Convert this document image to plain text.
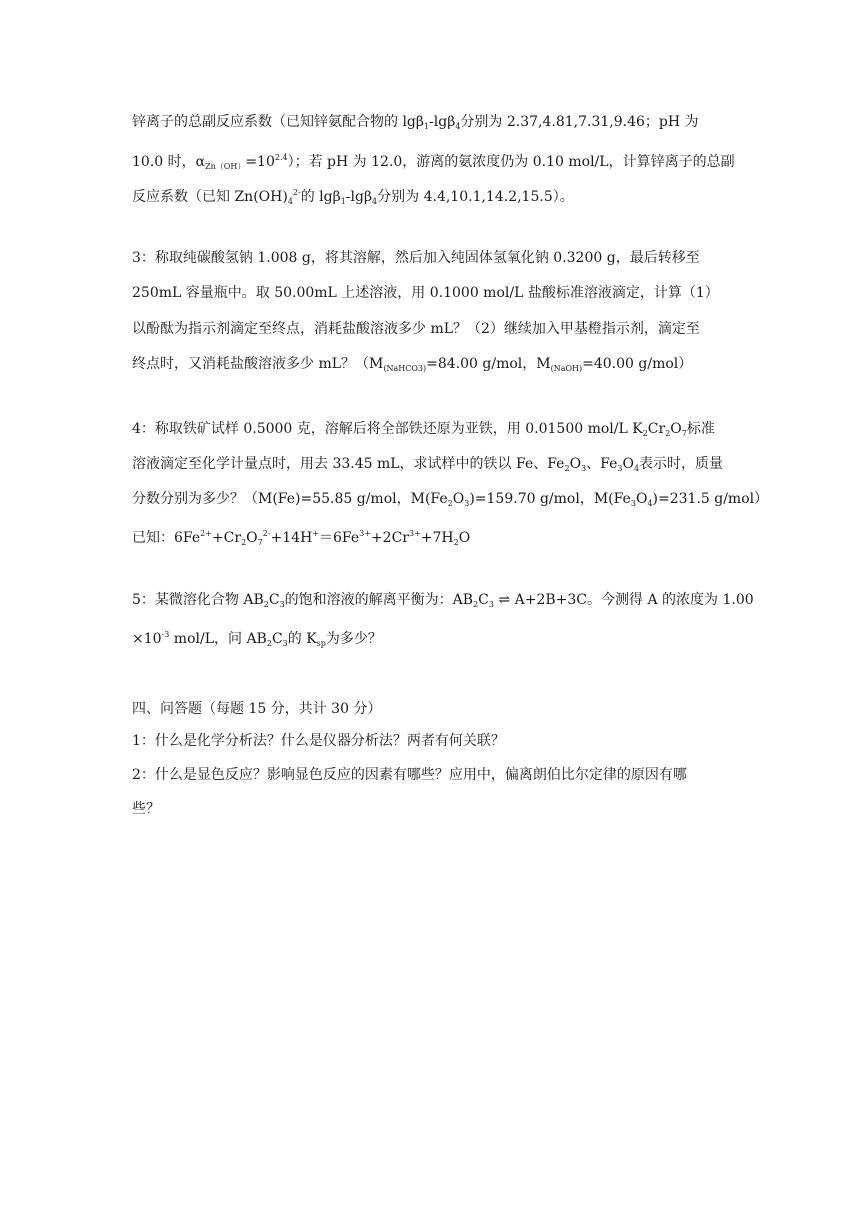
锌离子的总副反应系数（已知锌氨配合物的 lgβ$_1$-lgβ$_4$分别为 2.37,4.81,7.31,9.46；pH 为
10.0 时，$\alpha_{Zn(OH)}=10^{2.4}$）；若 pH 为 12.0，游离的氨浓度仍为 0.10 mol/L，计算锌离子的总副
反应系数（已知 $Zn(OH)_4^{2-}$的 lgβ$_1$-lgβ$_4$分别为 4.4,10.1,14.2,15.5）。
3：称取纯碳酸氢钠 1.008 g，将其溶解，然后加入纯固体氢氧化钠 0.3200 g，最后转移至
250mL 容量瓶中。取 50.00mL 上述溶液，用 0.1000 mol/L 盐酸标准溶液滴定，计算（1）
以酚酞为指示剂滴定至终点，消耗盐酸溶液多少 mL？（2）继续加入甲基橙指示剂，滴定至
终点时，又消耗盐酸溶液多少 mL？（$M_{(NaHCO3)}=84.00$ g/mol，$M_{(NaOH)}=40.00$ g/mol）
4：称取铁矿试样 0.5000 克，溶解后将全部铁还原为亚铁，用 0.01500 mol/L $K_2Cr_2O_7$标准
溶液滴定至化学计量点时，用去 33.45 mL，求试样中的铁以 Fe、$Fe_2O_3$、$Fe_3O_4$表示时，质量
分数分别为多少？（M(Fe)=55.85 g/mol，$M(Fe_2O_3)=159.70$ g/mol，$M(Fe_3O_4)=231.5$ g/mol）
已知：$6Fe^{2+}+Cr_2O_7^{2-}+14H^+=6Fe^{3+}+2Cr^{3+}+7H_2O$
5：某微溶化合物 $AB_2C_3$的饱和溶液的解离平衡为：$AB_2C_3$ ⇌ A+2B+3C。今测得 A 的浓度为 1.00
$\times 10^{-3}$ mol/L，问 $AB_2C_3$的 $K_{sp}$为多少？
四、问答题（每题 15 分，共计 30 分）
1：什么是化学分析法？什么是仪器分析法？两者有何关联？
2：什么是显色反应？影响显色反应的因素有哪些？应用中，偏离朗伯比尔定律的原因有哪
些？
